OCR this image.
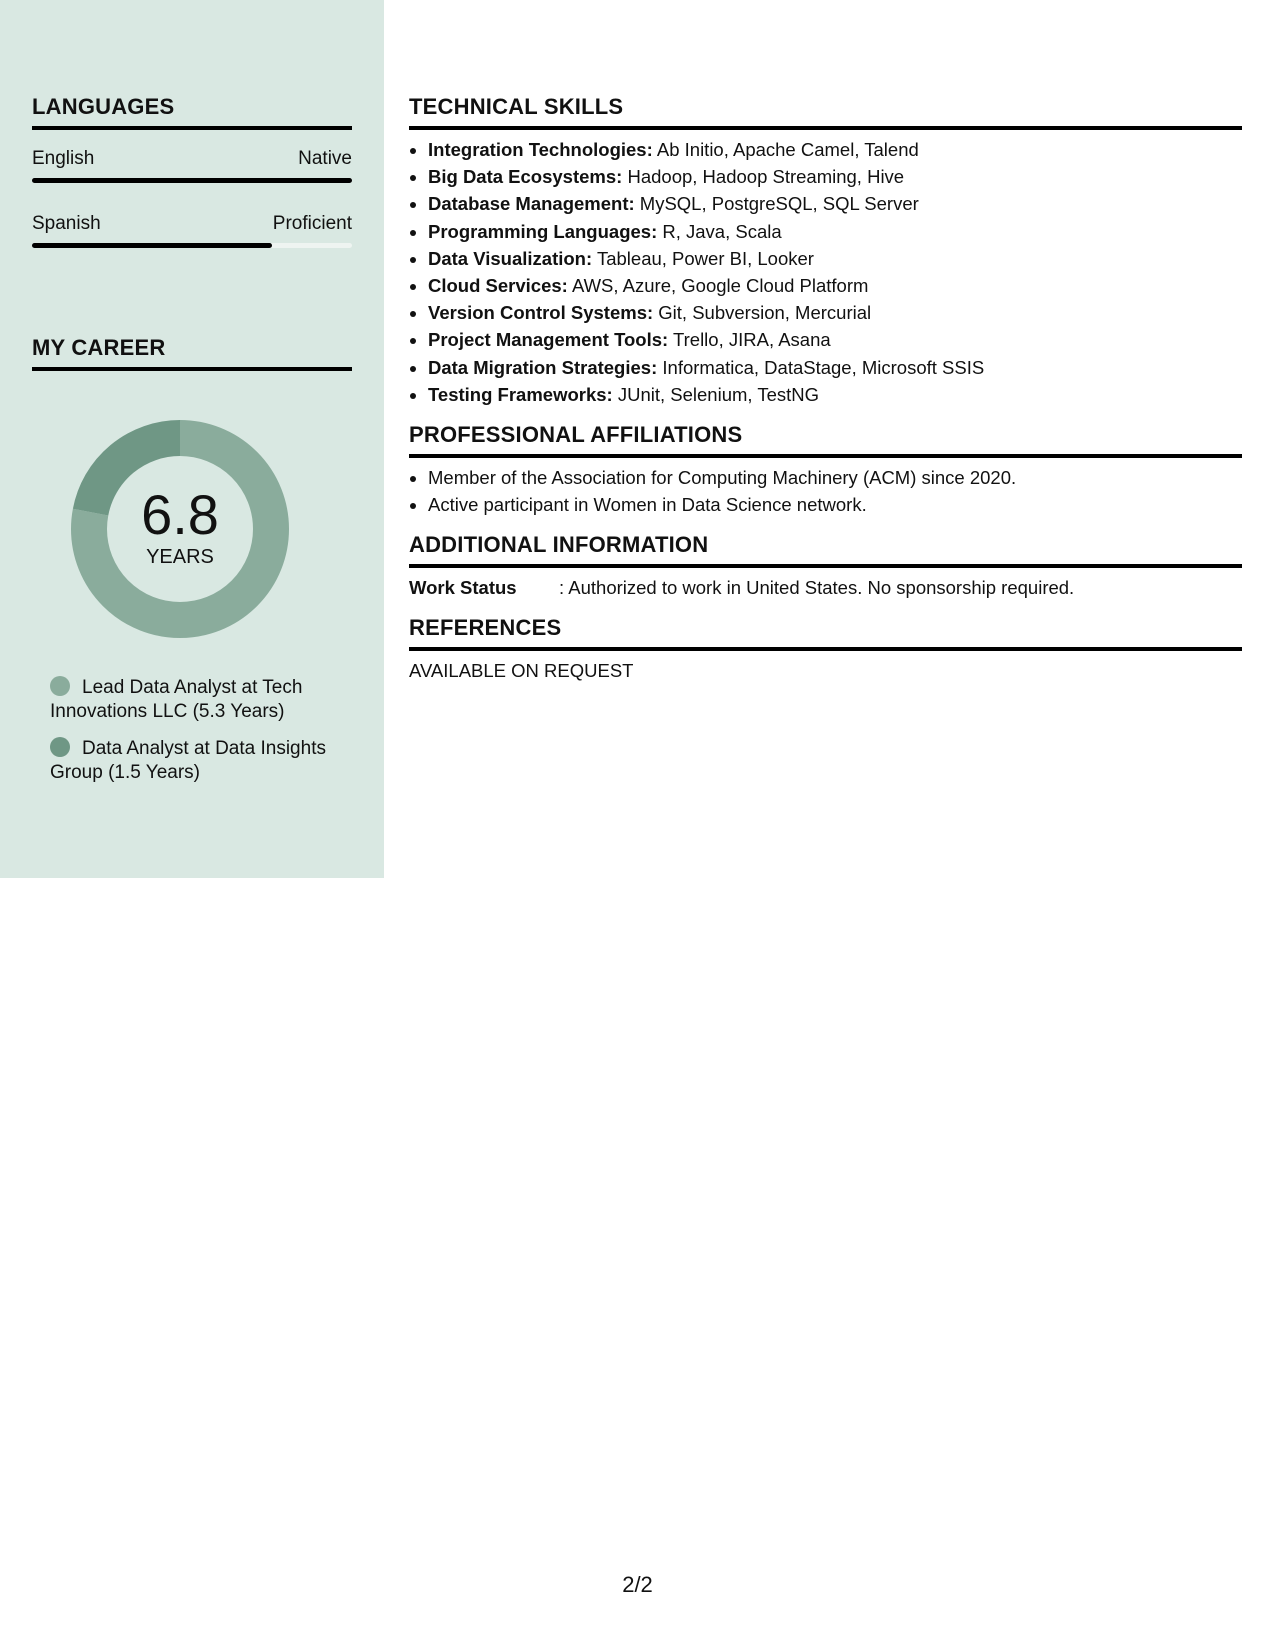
LANGUAGES
English	Native
Spanish	Proficient
MY CAREER
6.8
YEARS
Lead Data Analyst at Tech Innovations LLC (5.3 Years)
Data Analyst at Data Insights Group (1.5 Years)
TECHNICAL SKILLS
• Integration Technologies: Ab Initio, Apache Camel, Talend
• Big Data Ecosystems: Hadoop, Hadoop Streaming, Hive
• Database Management: MySQL, PostgreSQL, SQL Server
• Programming Languages: R, Java, Scala
• Data Visualization: Tableau, Power BI, Looker
• Cloud Services: AWS, Azure, Google Cloud Platform
• Version Control Systems: Git, Subversion, Mercurial
• Project Management Tools: Trello, JIRA, Asana
• Data Migration Strategies: Informatica, DataStage, Microsoft SSIS
• Testing Frameworks: JUnit, Selenium, TestNG
PROFESSIONAL AFFILIATIONS
• Member of the Association for Computing Machinery (ACM) since 2020.
• Active participant in Women in Data Science network.
ADDITIONAL INFORMATION
Work Status	: Authorized to work in United States. No sponsorship required.
REFERENCES
AVAILABLE ON REQUEST
2/2
